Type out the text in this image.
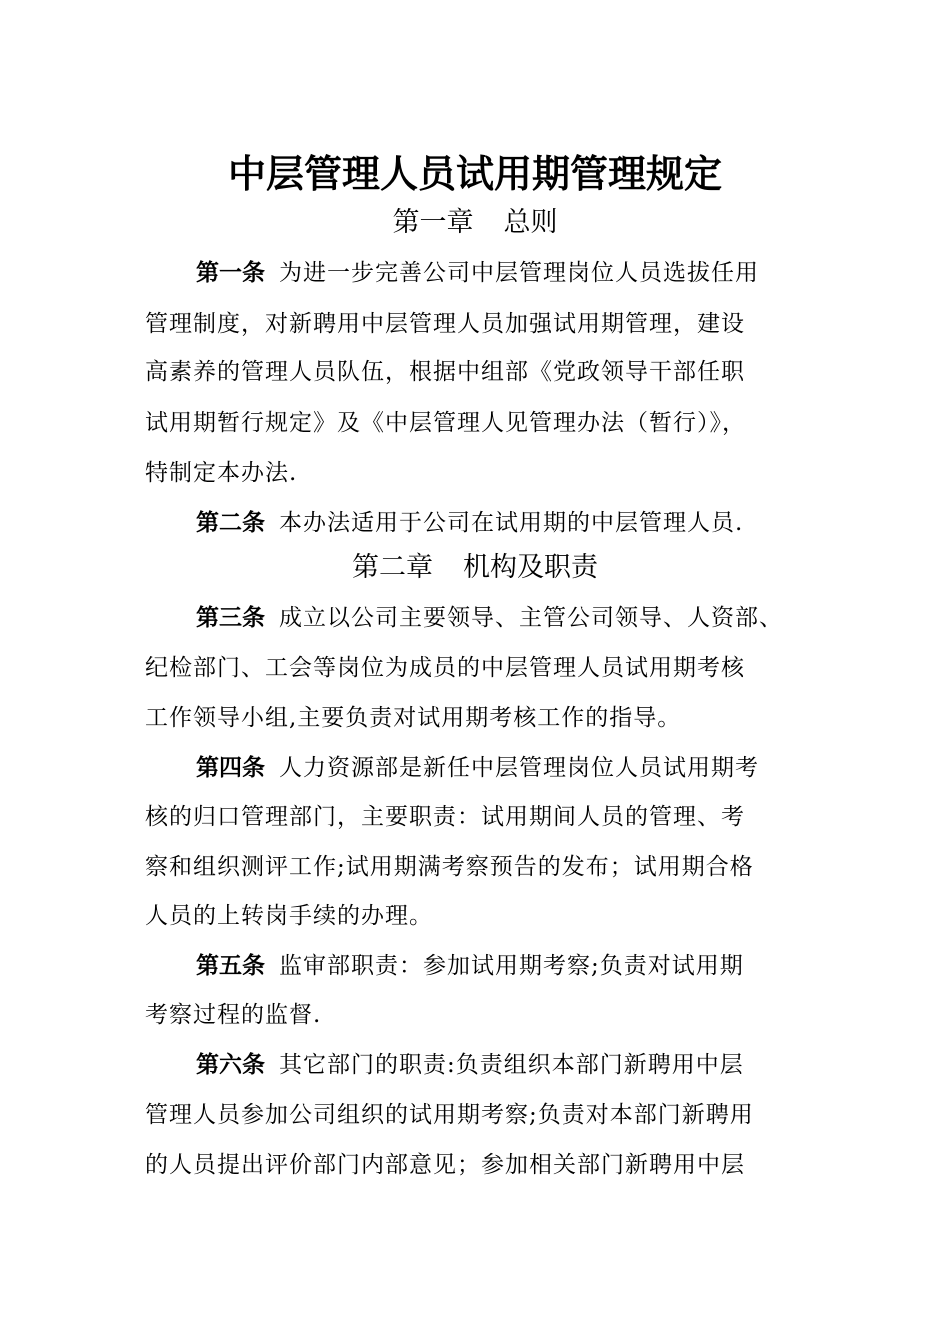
中层管理人员试用期管理规定
第一章 总则
第一条 为进一步完善公司中层管理岗位人员选拔任用
管理制度，对新聘用中层管理人员加强试用期管理，建设
高素养的管理人员队伍，根据中组部《党政领导干部任职
试用期暂行规定》及《中层管理人见管理办法（暂行）》，
特制定本办法.
第二条 本办法适用于公司在试用期的中层管理人员.
第二章 机构及职责
第三条 成立以公司主要领导、主管公司领导、人资部、
纪检部门、工会等岗位为成员的中层管理人员试用期考核
工作领导小组,主要负责对试用期考核工作的指导。
第四条 人力资源部是新任中层管理岗位人员试用期考
核的归口管理部门，主要职责：试用期间人员的管理、考
察和组织测评工作;试用期满考察预告的发布；试用期合格
人员的上转岗手续的办理。
第五条 监审部职责：参加试用期考察;负责对试用期
考察过程的监督.
第六条 其它部门的职责:负责组织本部门新聘用中层
管理人员参加公司组织的试用期考察;负责对本部门新聘用
的人员提出评价部门内部意见；参加相关部门新聘用中层
